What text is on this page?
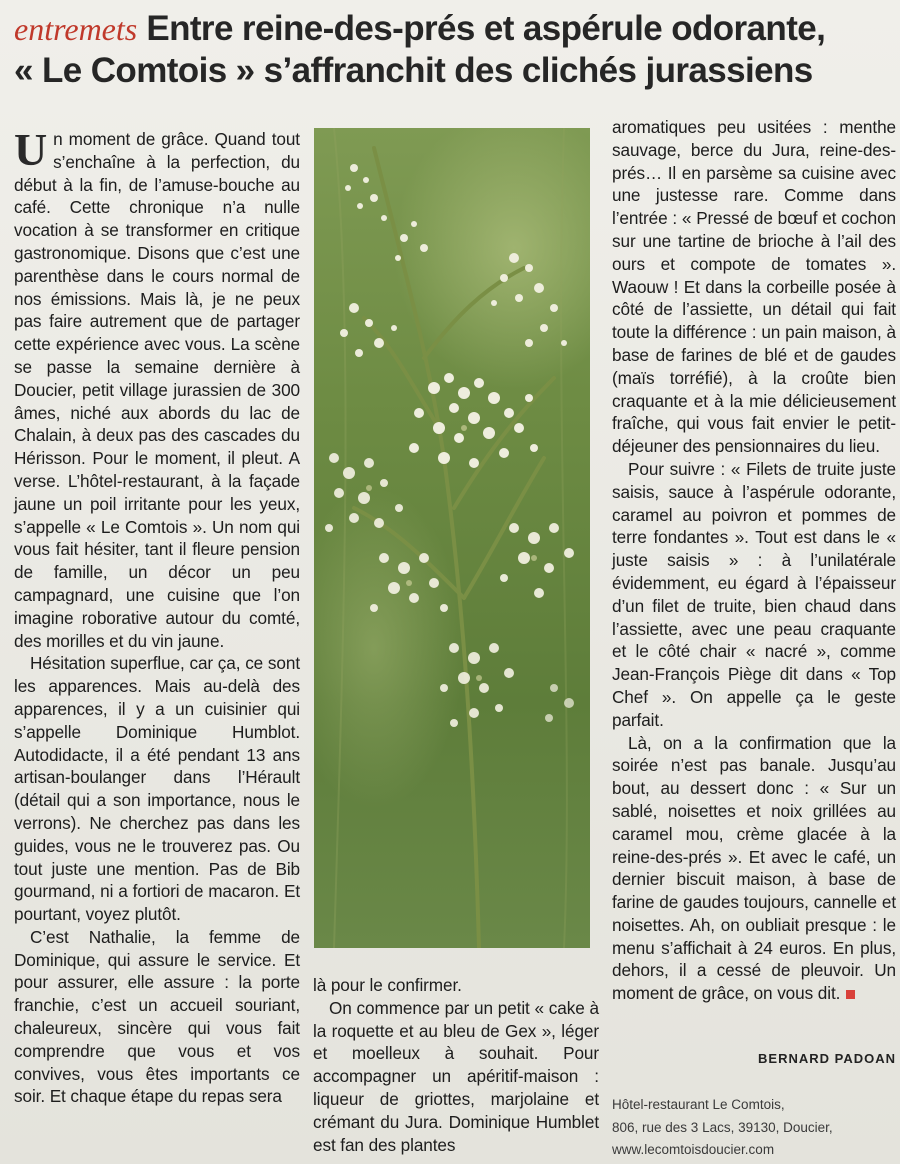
entremets Entre reine-des-prés et aspérule odorante,
« Le Comtois » s’affranchit des clichés jurassiens

Un moment de grâce. Quand tout s’enchaîne à la perfection, du début à la fin, de l’amuse-bouche au café. Cette chronique n’a nulle vocation à se transformer en critique gastronomique. Disons que c’est une parenthèse dans le cours normal de nos émissions. Mais là, je ne peux pas faire autrement que de partager cette expérience avec vous. La scène se passe la semaine dernière à Doucier, petit village jurassien de 300 âmes, niché aux abords du lac de Chalain, à deux pas des cascades du Hérisson. Pour le moment, il pleut. A verse. L’hôtel-restaurant, à la façade jaune un poil irritante pour les yeux, s’appelle « Le Comtois ». Un nom qui vous fait hésiter, tant il fleure pension de famille, un décor un peu campagnard, une cuisine que l’on imagine roborative autour du comté, des morilles et du vin jaune.

Hésitation superflue, car ça, ce sont les apparences. Mais au-delà des apparences, il y a un cuisinier qui s’appelle Dominique Humblot. Autodidacte, il a été pendant 13 ans artisan-boulanger dans l’Hérault (détail qui a son importance, nous le verrons). Ne cherchez pas dans les guides, vous ne le trouverez pas. Ou tout juste une mention. Pas de Bib gourmand, ni a fortiori de macaron. Et pourtant, voyez plutôt.

C’est Nathalie, la femme de Dominique, qui assure le service. Et pour assurer, elle assure : la porte franchie, c’est un accueil souriant, chaleureux, sincère qui vous fait comprendre que vous et vos convives, vous êtes importants ce soir. Et chaque étape du repas sera

là pour le confirmer.

On commence par un petit « cake à la roquette et au bleu de Gex », léger et moelleux à souhait. Pour accompagner un apéritif-maison : liqueur de griottes, marjolaine et crémant du Jura. Dominique Humblet est fan des plantes

aromatiques peu usitées : menthe sauvage, berce du Jura, reine-des-prés… Il en parsème sa cuisine avec une justesse rare. Comme dans l’entrée : « Pressé de bœuf et cochon sur une tartine de brioche à l’ail des ours et compote de tomates ». Waouw ! Et dans la corbeille posée à côté de l’assiette, un détail qui fait toute la différence : un pain maison, à base de farines de blé et de gaudes (maïs torréfié), à la croûte bien craquante et à la mie délicieusement fraîche, qui vous fait envier le petit-déjeuner des pensionnaires du lieu.

Pour suivre : « Filets de truite juste saisis, sauce à l’aspérule odorante, caramel au poivron et pommes de terre fondantes ». Tout est dans le « juste saisis » : à l’unilatérale évidemment, eu égard à l’épaisseur d’un filet de truite, bien chaud dans l’assiette, avec une peau craquante et le côté chair « nacré », comme Jean-François Piège dit dans « Top Chef ». On appelle ça le geste parfait.

Là, on a la confirmation que la soirée n’est pas banale. Jusqu’au bout, au dessert donc : « Sur un sablé, noisettes et noix grillées au caramel mou, crème glacée à la reine-des-prés ». Et avec le café, un dernier biscuit maison, à base de farine de gaudes toujours, cannelle et noisettes. Ah, on oubliait presque : le menu s’affichait à 24 euros. En plus, dehors, il a cessé de pleuvoir. Un moment de grâce, on vous dit.

BERNARD PADOAN
Hôtel-restaurant Le Comtois,
806, rue des 3 Lacs, 39130, Doucier,
www.lecomtoisdoucier.com
